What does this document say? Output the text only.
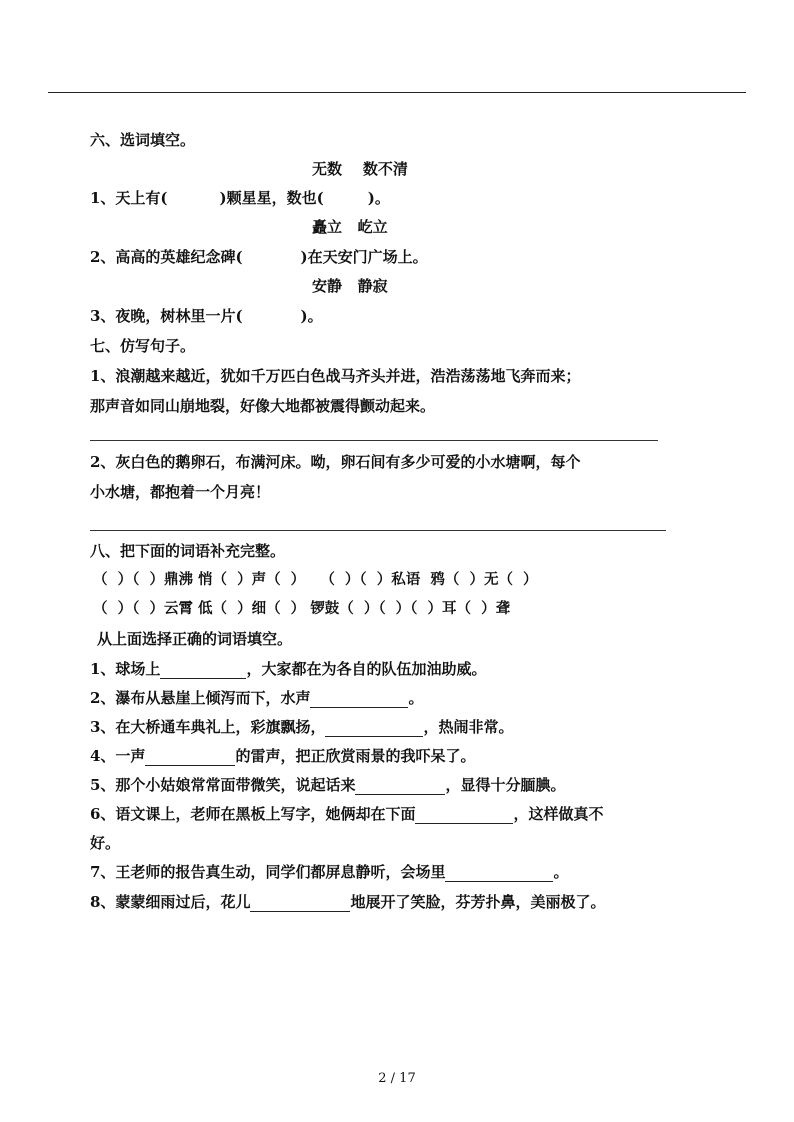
六、选词填空。
无数    数不清
1、天上有(	)颗星星，数也(	)。
矗立   屹立
2、高高的英雄纪念碑(	)在天安门广场上。
安静   静寂
3、夜晚，树林里一片(	)。
七、仿写句子。
1、浪潮越来越近，犹如千万匹白色战马齐头并进，浩浩荡荡地飞奔而来；
那声音如同山崩地裂，好像大地都被震得颤动起来。
2、灰白色的鹅卵石，布满河床。呦，卵石间有多少可爱的小水塘啊，每个
小水塘，都抱着一个月亮！
八、把下面的词语补充完整。
（  ）（  ）鼎沸 悄（  ）声（  ）   （  ）（  ）私语  鸦（  ）无（  ）
（  ）（  ）云霄 低（  ）细（  ） 锣鼓（  ）（  ）（  ）耳（  ）聋
从上面选择正确的词语填空。
1、球场上	，大家都在为各自的队伍加油助威。
2、瀑布从悬崖上倾泻而下，水声	。
3、在大桥通车典礼上，彩旗飘扬，	，热闹非常。
4、一声	的雷声，把正欣赏雨景的我吓呆了。
5、那个小姑娘常常面带微笑，说起话来	，显得十分腼腆。
6、语文课上，老师在黑板上写字，她俩却在下面	，这样做真不
好。
7、王老师的报告真生动，同学们都屏息静听，会场里	。
8、蒙蒙细雨过后，花儿	地展开了笑脸，芬芳扑鼻，美丽极了。
2 / 17
